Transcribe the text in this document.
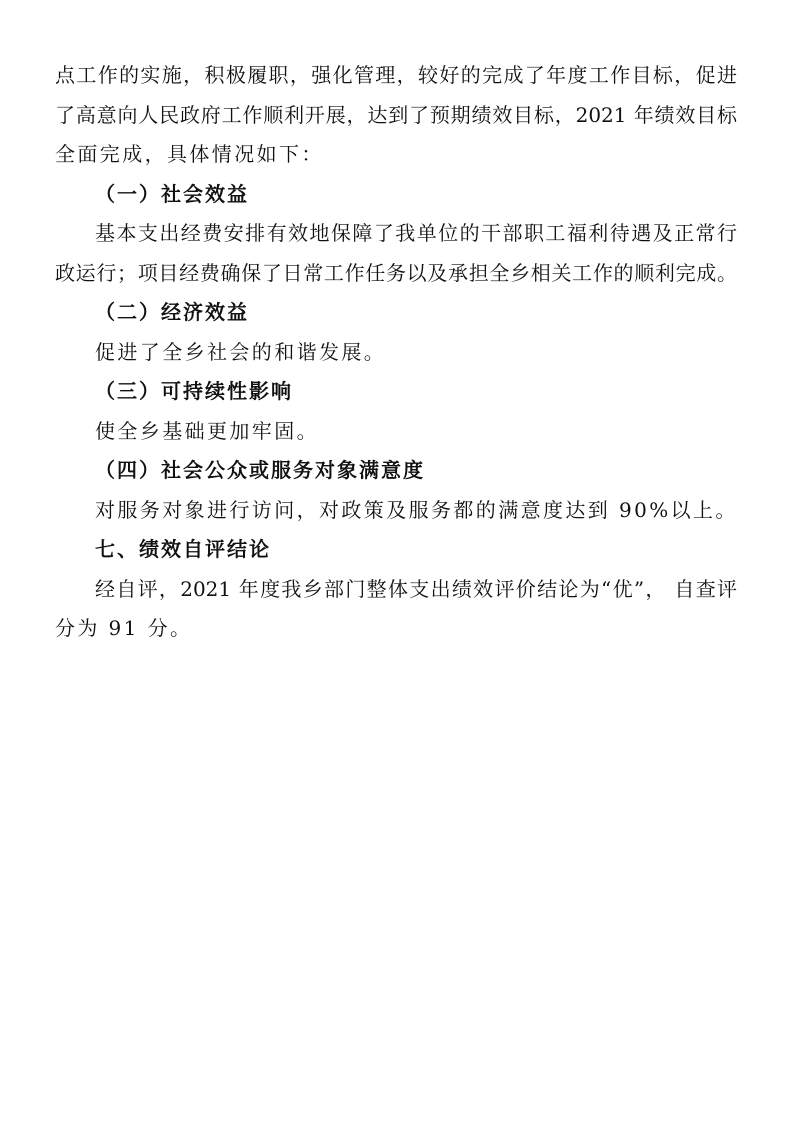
点工作的实施，积极履职，强化管理，较好的完成了年度工作目标，促进
了高意向人民政府工作顺利开展，达到了预期绩效目标，2021 年绩效目标
全面完成，具体情况如下：
（一）社会效益
基本支出经费安排有效地保障了我单位的干部职工福利待遇及正常行
政运行；项目经费确保了日常工作任务以及承担全乡相关工作的顺利完成。
（二）经济效益
促进了全乡社会的和谐发展。
（三）可持续性影响
使全乡基础更加牢固。
（四）社会公众或服务对象满意度
对服务对象进行访问，对政策及服务都的满意度达到 90%以上。
七、绩效自评结论
经自评，2021 年度我乡部门整体支出绩效评价结论为“优”， 自查评
分为 91 分。
